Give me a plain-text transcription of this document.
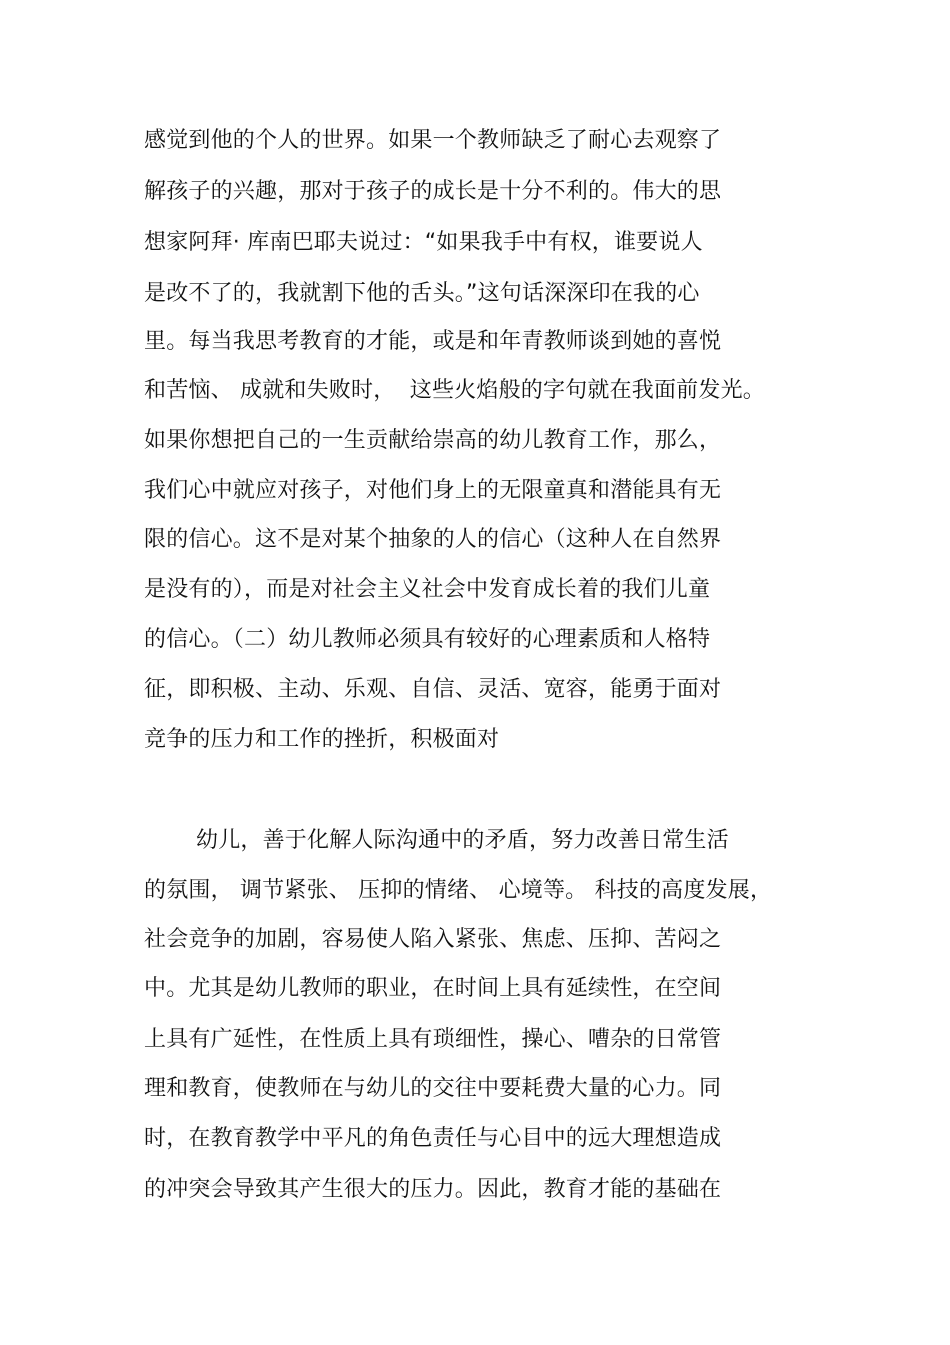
感觉到他的个人的世界。如果一个教师缺乏了耐心去观察了
解孩子的兴趣，那对于孩子的成长是十分不利的。伟大的思
想家阿拜· 库南巴耶夫说过：“如果我手中有权，谁要说人
是改不了的，我就割下他的舌头。”这句话深深印在我的心
里。每当我思考教育的才能，或是和年青教师谈到她的喜悦
和苦恼、 成就和失败时，  这些火焰般的字句就在我面前发光。
如果你想把自己的一生贡献给崇高的幼儿教育工作，那么，
我们心中就应对孩子，对他们身上的无限童真和潜能具有无
限的信心。这不是对某个抽象的人的信心（这种人在自然界
是没有的），而是对社会主义社会中发育成长着的我们儿童
的信心。（二）幼儿教师必须具有较好的心理素质和人格特
征，即积极、主动、乐观、自信、灵活、宽容，能勇于面对
竞争的压力和工作的挫折，积极面对
幼儿，善于化解人际沟通中的矛盾，努力改善日常生活
的氛围， 调节紧张、 压抑的情绪、 心境等。 科技的高度发展，
社会竞争的加剧，容易使人陷入紧张、焦虑、压抑、苦闷之
中。尤其是幼儿教师的职业，在时间上具有延续性，在空间
上具有广延性，在性质上具有琐细性，操心、嘈杂的日常管
理和教育，使教师在与幼儿的交往中要耗费大量的心力。同
时，在教育教学中平凡的角色责任与心目中的远大理想造成
的冲突会导致其产生很大的压力。因此，教育才能的基础在
